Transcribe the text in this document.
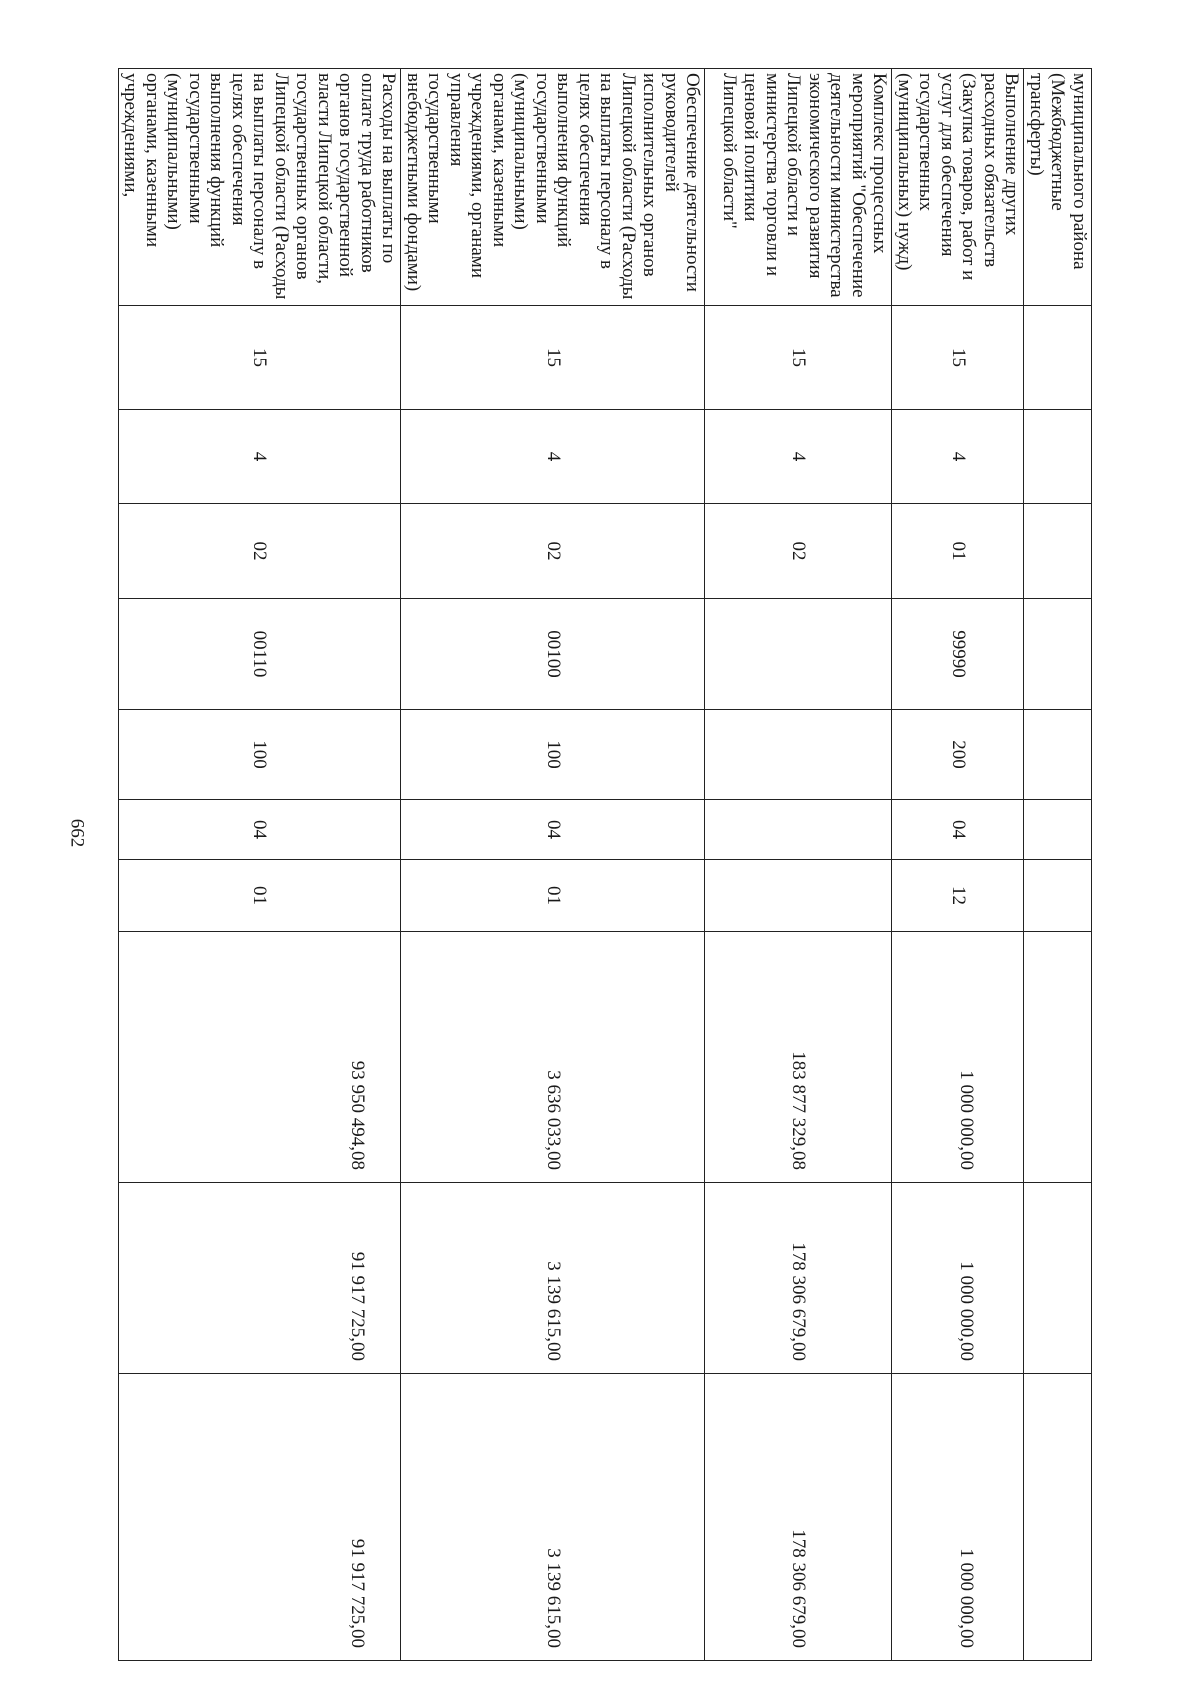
662
муниципального района (Межбюджетные трансферты)										
Выполнение других расходных обязательств (Закупка товаров, работ и услуг для обеспечения государственных (муниципальных) нужд)	15	4	01	99990	200	04	12	1 000 000,00	1 000 000,00	1 000 000,00
Комплекс процессных мероприятий "Обеспечение деятельности министерства экономического развития Липецкой области и министерства торговли и ценовой политики Липецкой области"	15	4	02					183 877 329,08	178 306 679,00	178 306 679,00
Обеспечение деятельности руководителей исполнительных органов Липецкой области (Расходы на выплаты персоналу в целях обеспечения выполнения функций государственными (муниципальными) органами, казенными учреждениями, органами управления государственными внебюджетными фондами)	15	4	02	00100	100	04	01	3 636 033,00	3 139 615,00	3 139 615,00
Расходы на выплаты по оплате труда работников органов государственной власти Липецкой области, государственных органов Липецкой области (Расходы на выплаты персоналу в целях обеспечения выполнения функций государственными (муниципальными) органами, казенными учреждениями,	15	4	02	00110	100	04	01	93 950 494,08	91 917 725,00	91 917 725,00
